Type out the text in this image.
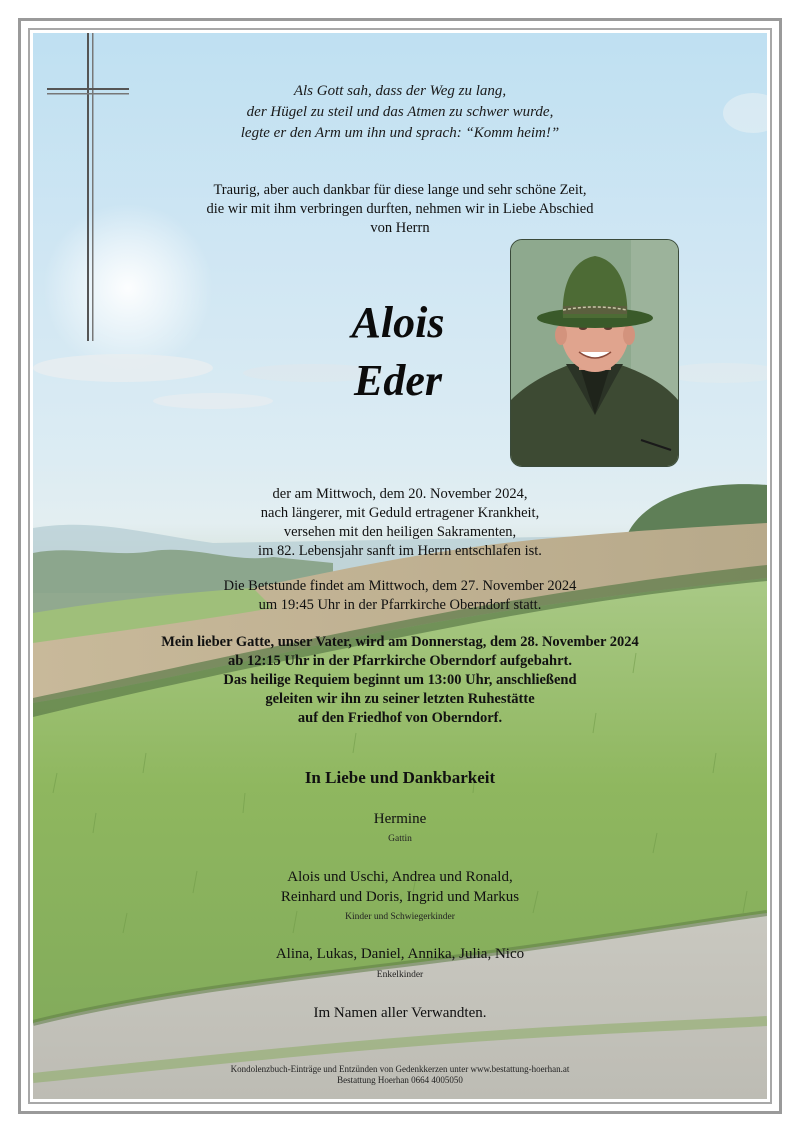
Als Gott sah, dass der Weg zu lang,
der Hügel zu steil und das Atmen zu schwer wurde,
legte er den Arm um ihn und sprach: “Komm heim!”
Traurig, aber auch dankbar für diese lange und sehr schöne Zeit,
die wir mit ihm verbringen durften, nehmen wir in Liebe Abschied
von Herrn
Alois
Eder
der am Mittwoch, dem 20. November 2024,
nach längerer, mit Geduld ertragener Krankheit,
versehen mit den heiligen Sakramenten,
im 82. Lebensjahr sanft im Herrn entschlafen ist.
Die Betstunde findet am Mittwoch, dem 27. November 2024
um 19:45 Uhr in der Pfarrkirche Oberndorf statt.
Mein lieber Gatte, unser Vater, wird am Donnerstag, dem 28. November 2024
ab 12:15 Uhr in der Pfarrkirche Oberndorf aufgebahrt.
Das heilige Requiem beginnt um 13:00 Uhr, anschließend
geleiten wir ihn zu seiner letzten Ruhestätte
auf den Friedhof von Oberndorf.
In Liebe und Dankbarkeit
Hermine
Gattin
Alois und Uschi, Andrea und Ronald,
Reinhard und Doris, Ingrid und Markus
Kinder und Schwiegerkinder
Alina, Lukas, Daniel, Annika, Julia, Nico
Enkelkinder
Im Namen aller Verwandten.
Kondolenzbuch-Einträge und Entzünden von Gedenkkerzen unter www.bestattung-hoerhan.at
Bestattung Hoerhan 0664 4005050
